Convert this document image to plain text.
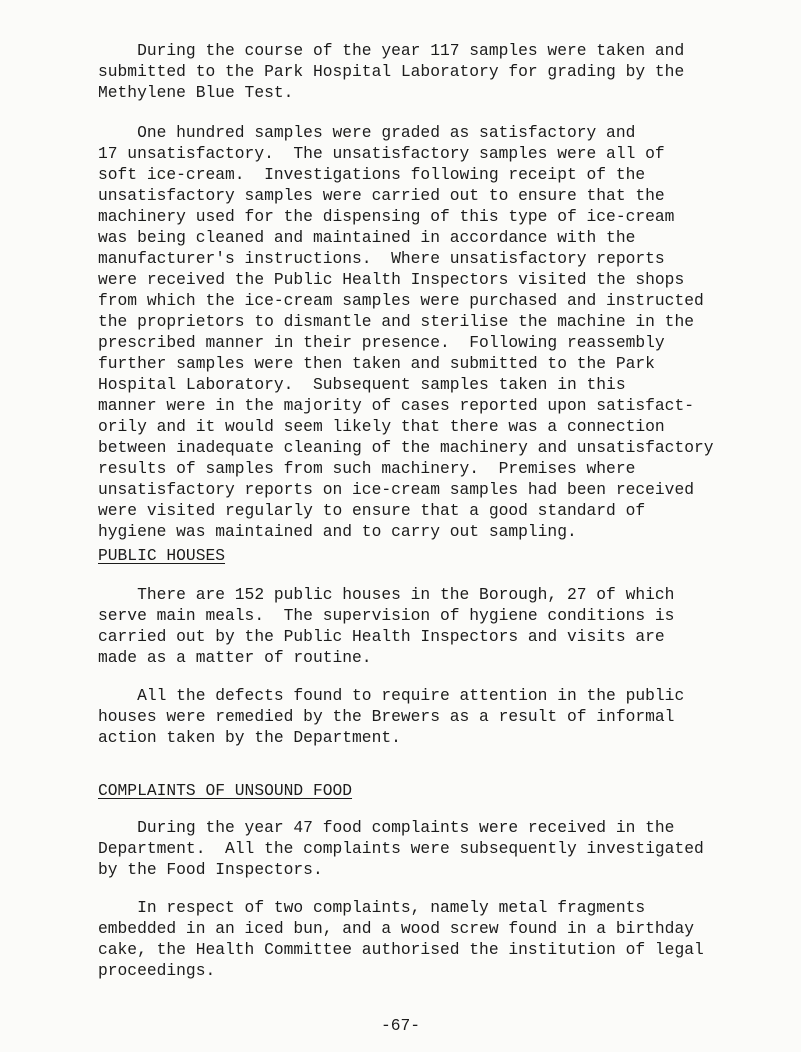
During the course of the year 117 samples were taken and
submitted to the Park Hospital Laboratory for grading by the
Methylene Blue Test.
One hundred samples were graded as satisfactory and
17 unsatisfactory.  The unsatisfactory samples were all of
soft ice-cream.  Investigations following receipt of the
unsatisfactory samples were carried out to ensure that the
machinery used for the dispensing of this type of ice-cream
was being cleaned and maintained in accordance with the
manufacturer's instructions.  Where unsatisfactory reports
were received the Public Health Inspectors visited the shops
from which the ice-cream samples were purchased and instructed
the proprietors to dismantle and sterilise the machine in the
prescribed manner in their presence.  Following reassembly
further samples were then taken and submitted to the Park
Hospital Laboratory.  Subsequent samples taken in this
manner were in the majority of cases reported upon satisfact-
orily and it would seem likely that there was a connection
between inadequate cleaning of the machinery and unsatisfactory
results of samples from such machinery.  Premises where
unsatisfactory reports on ice-cream samples had been received
were visited regularly to ensure that a good standard of
hygiene was maintained and to carry out sampling.
PUBLIC HOUSES
There are 152 public houses in the Borough, 27 of which
serve main meals.  The supervision of hygiene conditions is
carried out by the Public Health Inspectors and visits are
made as a matter of routine.
All the defects found to require attention in the public
houses were remedied by the Brewers as a result of informal
action taken by the Department.
COMPLAINTS OF UNSOUND FOOD
During the year 47 food complaints were received in the
Department.  All the complaints were subsequently investigated
by the Food Inspectors.
In respect of two complaints, namely metal fragments
embedded in an iced bun, and a wood screw found in a birthday
cake, the Health Committee authorised the institution of legal
proceedings.
-67-
